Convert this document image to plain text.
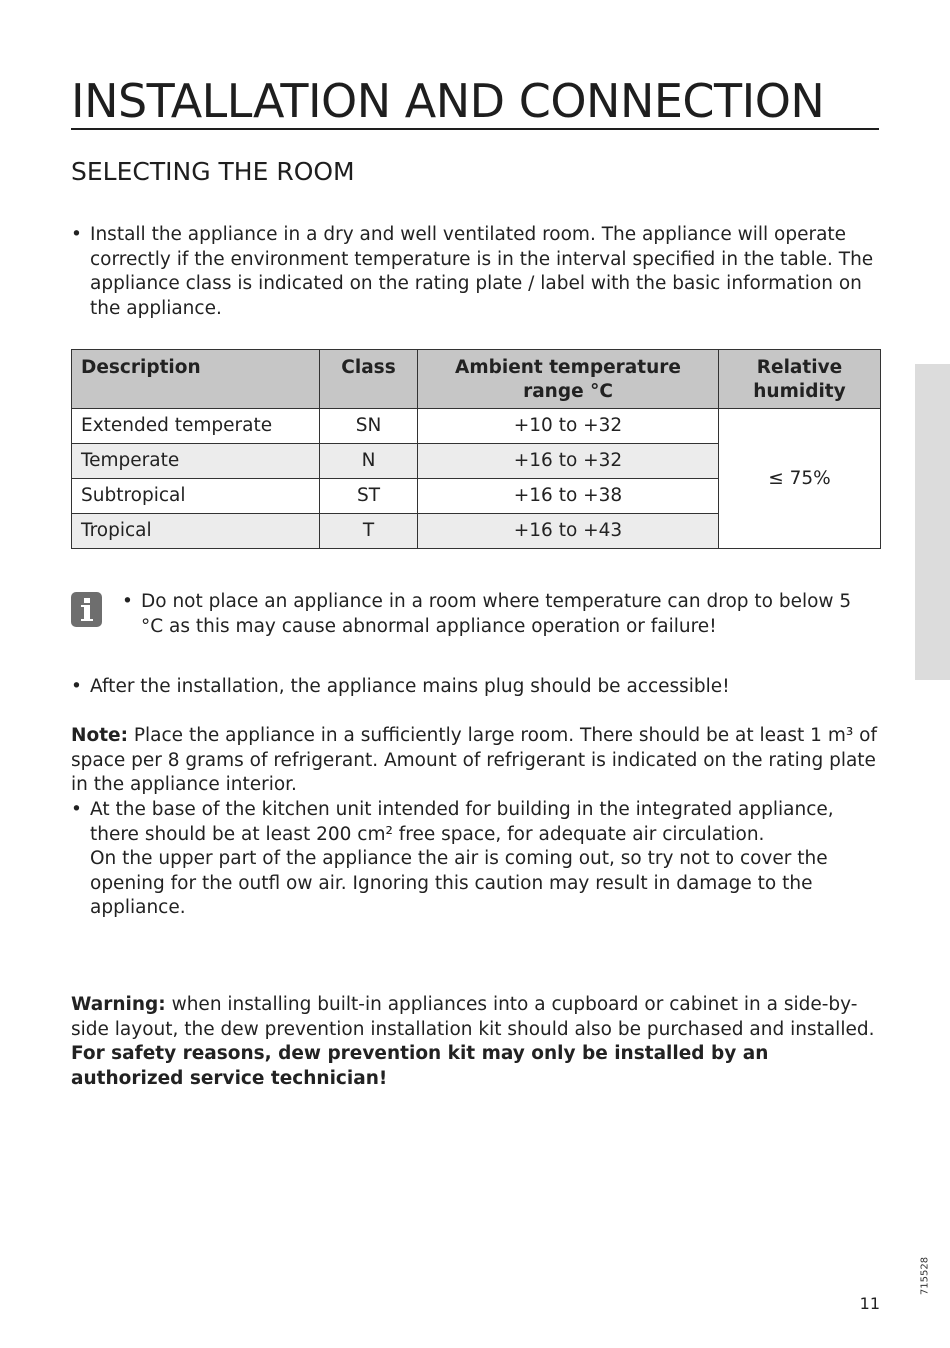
INSTALLATION AND CONNECTION
SELECTING THE ROOM
• Install the appliance in a dry and well ventilated room. The appliance will operate correctly if the environment temperature is in the interval specified in the table. The appliance class is indicated on the rating plate / label with the basic information on the appliance.
Description	Class	Ambient temperature range °C	Relative humidity
Extended temperate	SN	+10 to +32	≤ 75%
Temperate	N	+16 to +32	
Subtropical	ST	+16 to +38	
Tropical	T	+16 to +43	
• Do not place an appliance in a room where temperature can drop to below 5 °C as this may cause abnormal appliance operation or failure!
• After the installation, the appliance mains plug should be accessible!

Note: Place the appliance in a sufficiently large room. There should be at least 1 m³ of space per 8 grams of refrigerant. Amount of refrigerant is indicated on the rating plate in the appliance interior.

• At the base of the kitchen unit intended for building in the integrated appliance, there should be at least 200 cm² free space, for adequate air circulation.
On the upper part of the appliance the air is coming out, so try not to cover the opening for the outfl ow air. Ignoring this caution may result in damage to the appliance.

Warning: when installing built-in appliances into a cupboard or cabinet in a side-by-side layout, the dew prevention installation kit should also be purchased and installed. For safety reasons, dew prevention kit may only be installed by an authorized service technician!

715528
11
